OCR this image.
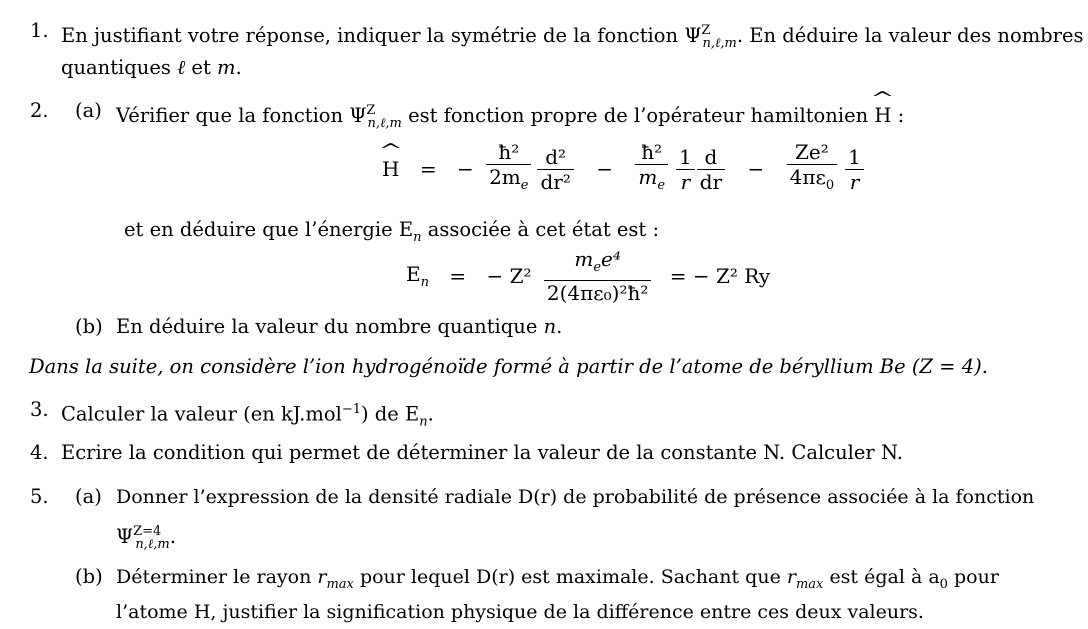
1. En justifiant votre réponse, indiquer la symétrie de la fonction $\Psi^Z_{n,\ell,m}$. En déduire la valeur des nombres
quantiques ℓ et m.
2. (a) Vérifier que la fonction $\Psi^Z_{n,\ell,m}$ est fonction propre de l’opérateur hamiltonien ^ H :
^ H = − $\frac{\text{ħ²}}{2m_e} \frac{\text{d²}}{\text{dr²}} - \frac{\text{ħ²}}{m_e} \frac{1}{r} \frac{d}{dr} - \frac{\text{Ze²}}{4\pi\varepsilon_0} \frac{1}{r}$
et en déduire que l’énergie $E_n$ associée à cet état est :
$E_n$ = − $Z^2 \frac{m_ee^4}{\text{2(4πε₀)²ħ²}}$ = − Z² Ry
(b) En déduire la valeur du nombre quantique n.
Dans la suite, on considère l’ion hydrogénoïde formé à partir de l’atome de béryllium Be (Z = 4).
3. Calculer la valeur (en kJ.mol$^{-1}$) de $E_n$.
4. Ecrire la condition qui permet de déterminer la valeur de la constante N. Calculer N.
5. (a) Donner l’expression de la densité radiale D(r) de probabilité de présence associée à la fonction
$\Psi^{Z=4}_{n,\ell,m}$.
(b) Déterminer le rayon $r_{max}$ pour lequel D(r) est maximale. Sachant que $r_{max}$ est égal à $a_0$ pour
l’atome H, justifier la signification physique de la différence entre ces deux valeurs.
